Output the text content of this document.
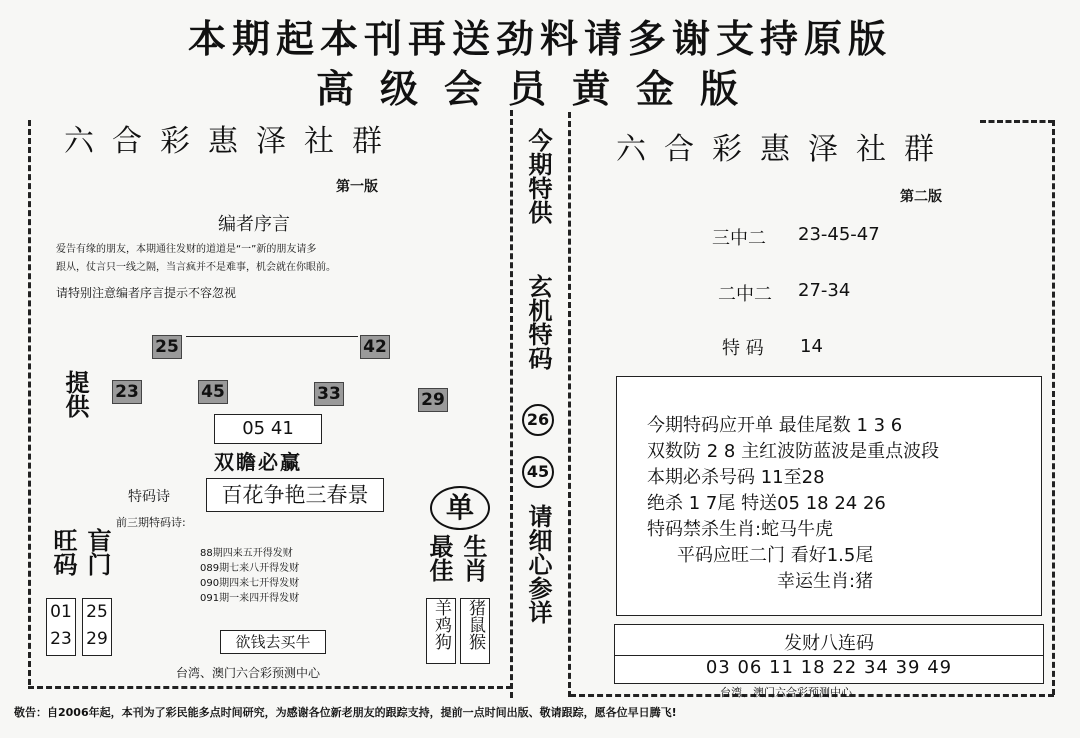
本期起本刊再送劲料请多谢支持原版
高级会员黄金版
六合彩惠泽社群
第一版
编者序言
爱告有缘的朋友，本期通往发财的道道是“一”新的朋友请多
跟从，仗言只一线之隔，当言疯并不是难事，机会就在你眼前。
请特别注意编者序言提示不容忽视
25	42
提供 23	45	33	29
05 41
双瞻必赢
特码诗	百花争艳三春景
前三期特码诗:
旺码 盲门
01
23
25
29
88期四来五开得发财
089期七来八开得发财
090期四来七开得发财
091期一来四开得发财
欲钱去买牛
单
最佳 生肖
羊鸡狗 猪鼠猴
台湾、澳门六合彩预测中心
今期特供
玄机特码
26
45
请细心参详
六合彩惠泽社群
第二版
三中二 23-45-47
二中二 27-34
特 码 14
今期特码应开单 最佳尾数 1 3 6
双数防 2 8 主红波防蓝波是重点波段
本期必杀号码 11至28
绝杀 1 7尾 特送05 18 24 26
特码禁杀生肖:蛇马牛虎
平码应旺二门 看好1.5尾
幸运生肖:猪
发财八连码
03 06 11 18 22 34 39 49
台湾、澳门六合彩预测中心
敬告：自2006年起，本刊为了彩民能多点时间研究，为感谢各位新老朋友的跟踪支持，提前一点时间出版、敬请跟踪，愿各位早日腾飞!
